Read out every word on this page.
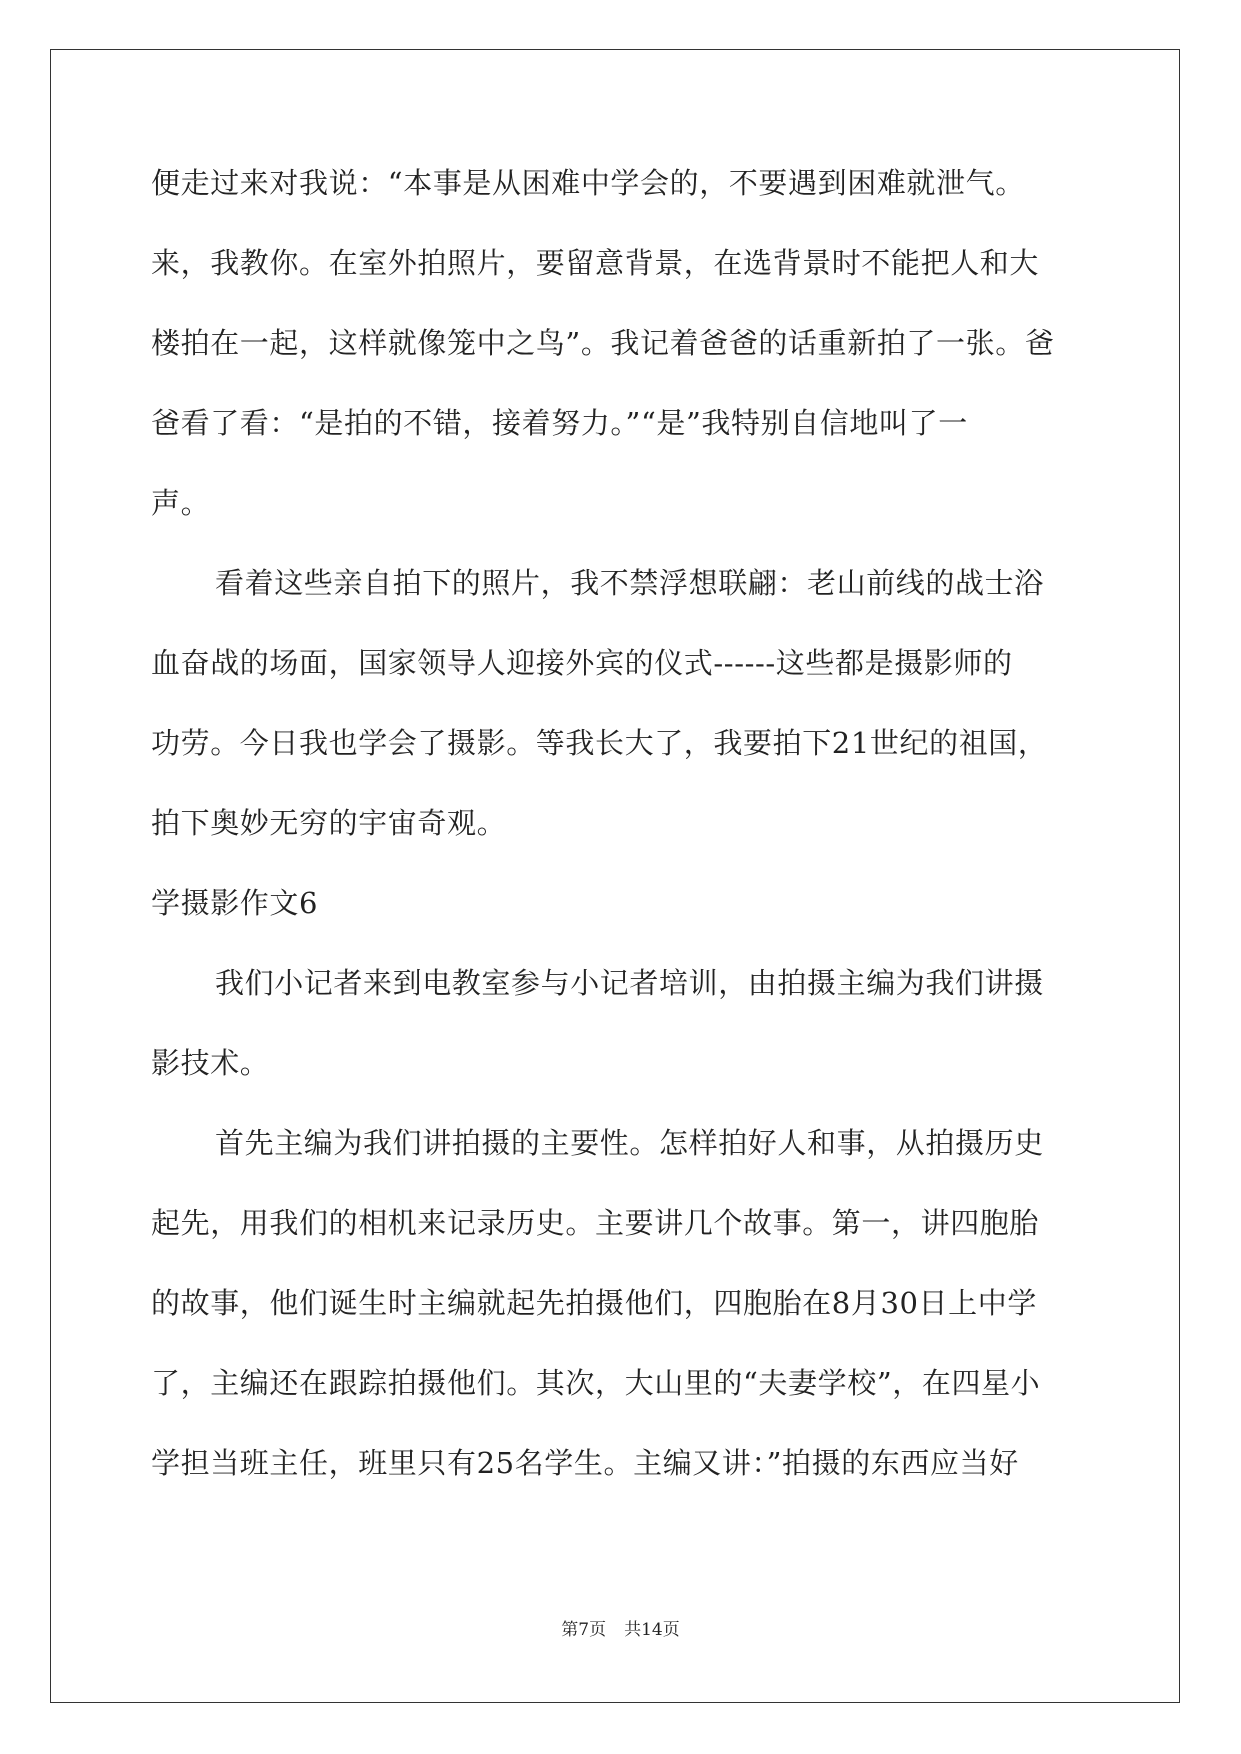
便走过来对我说：“本事是从困难中学会的，不要遇到困难就泄气。
来，我教你。在室外拍照片，要留意背景，在选背景时不能把人和大
楼拍在一起，这样就像笼中之鸟”。我记着爸爸的话重新拍了一张。爸
爸看了看：“是拍的不错，接着努力。”“是”我特别自信地叫了一
声。
看着这些亲自拍下的照片，我不禁浮想联翩：老山前线的战士浴
血奋战的场面，国家领导人迎接外宾的仪式------这些都是摄影师的
功劳。今日我也学会了摄影。等我长大了，我要拍下21世纪的祖国，
拍下奥妙无穷的宇宙奇观。
学摄影作文6
我们小记者来到电教室参与小记者培训，由拍摄主编为我们讲摄
影技术。
首先主编为我们讲拍摄的主要性。怎样拍好人和事，从拍摄历史
起先，用我们的相机来记录历史。主要讲几个故事。第一，讲四胞胎
的故事，他们诞生时主编就起先拍摄他们，四胞胎在8月30日上中学
了，主编还在跟踪拍摄他们。其次，大山里的“夫妻学校”，在四星小
学担当班主任，班里只有25名学生。主编又讲：”拍摄的东西应当好
第7页 共14页
